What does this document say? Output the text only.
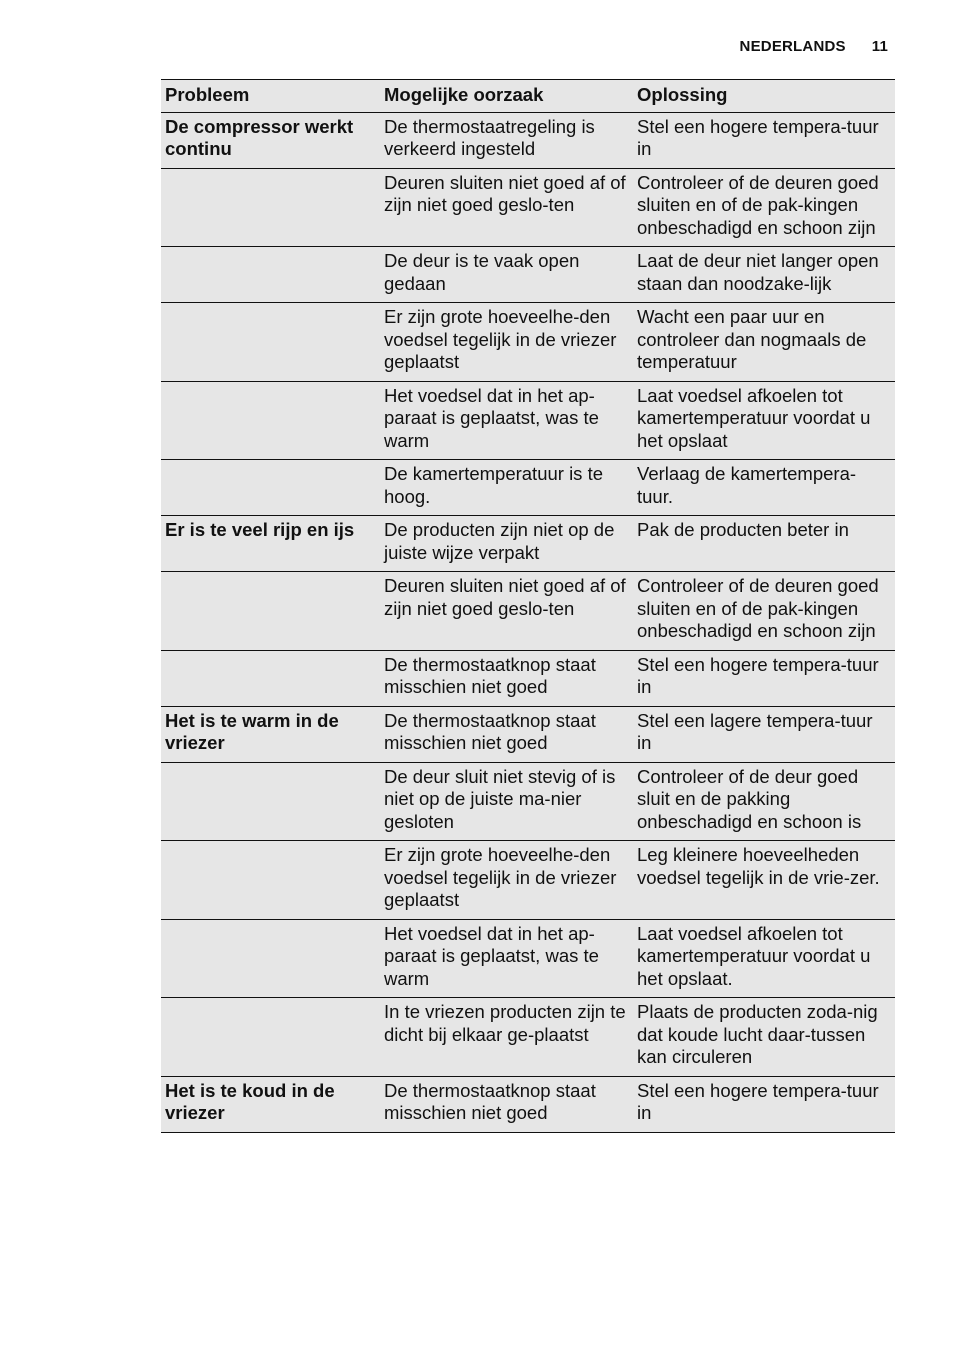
NEDERLANDS 11
Probleem	Mogelijke oorzaak	Oplossing
De compressor werkt continu	De thermostaatregeling is verkeerd ingesteld	Stel een hogere tempera-tuur in
	Deuren sluiten niet goed af of zijn niet goed geslo-ten	Controleer of de deuren goed sluiten en of de pak-kingen onbeschadigd en schoon zijn
	De deur is te vaak open gedaan	Laat de deur niet langer open staan dan noodzake-lijk
	Er zijn grote hoeveelhe-den voedsel tegelijk in de vriezer geplaatst	Wacht een paar uur en controleer dan nogmaals de temperatuur
	Het voedsel dat in het ap-paraat is geplaatst, was te warm	Laat voedsel afkoelen tot kamertemperatuur voordat u het opslaat
	De kamertemperatuur is te hoog.	Verlaag de kamertempera-tuur.
Er is te veel rijp en ijs	De producten zijn niet op de juiste wijze verpakt	Pak de producten beter in
	Deuren sluiten niet goed af of zijn niet goed geslo-ten	Controleer of de deuren goed sluiten en of de pak-kingen onbeschadigd en schoon zijn
	De thermostaatknop staat misschien niet goed	Stel een hogere tempera-tuur in
Het is te warm in de vriezer	De thermostaatknop staat misschien niet goed	Stel een lagere tempera-tuur in
	De deur sluit niet stevig of is niet op de juiste ma-nier gesloten	Controleer of de deur goed sluit en de pakking onbeschadigd en schoon is
	Er zijn grote hoeveelhe-den voedsel tegelijk in de vriezer geplaatst	Leg kleinere hoeveelheden voedsel tegelijk in de vrie-zer.
	Het voedsel dat in het ap-paraat is geplaatst, was te warm	Laat voedsel afkoelen tot kamertemperatuur voordat u het opslaat.
	In te vriezen producten zijn te dicht bij elkaar ge-plaatst	Plaats de producten zoda-nig dat koude lucht daar-tussen kan circuleren
Het is te koud in de vriezer	De thermostaatknop staat misschien niet goed	Stel een hogere tempera-tuur in
